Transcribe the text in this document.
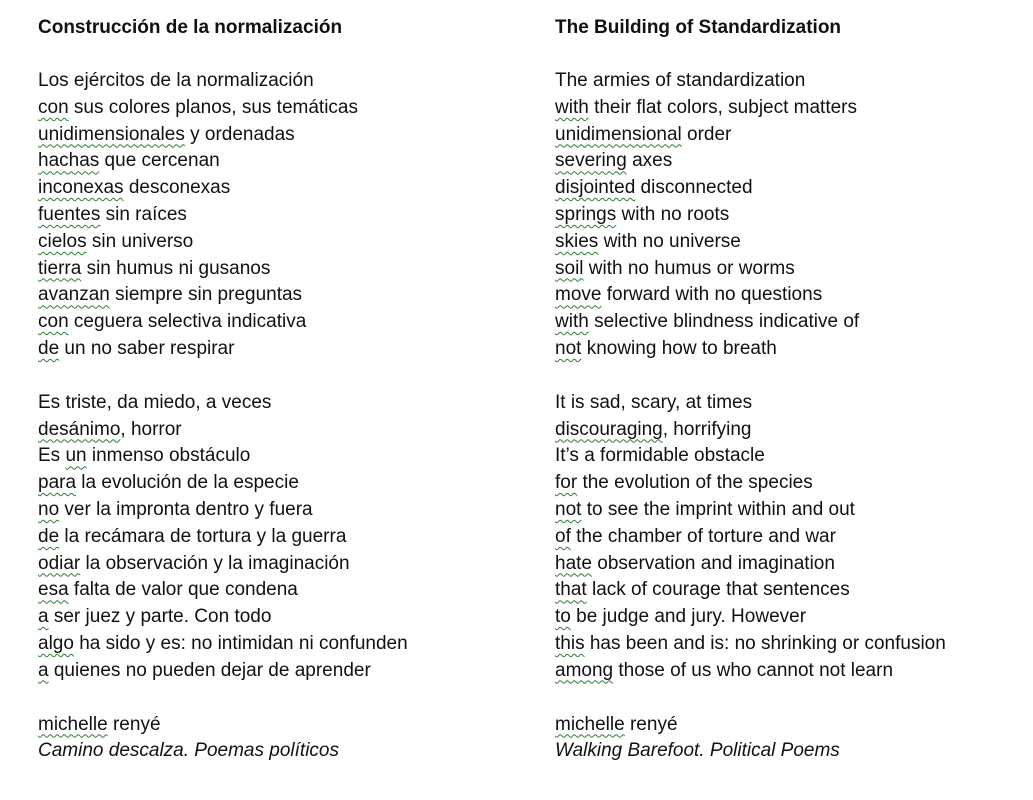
Construcción de la normalización
Los ejércitos de la normalización
con sus colores planos, sus temáticas
unidimensionales y ordenadas
hachas que cercenan
inconexas desconexas
fuentes sin raíces
cielos sin universo
tierra sin humus ni gusanos
avanzan siempre sin preguntas
con ceguera selectiva indicativa
de un no saber respirar
Es triste, da miedo, a veces
desánimo, horror
Es un inmenso obstáculo
para la evolución de la especie
no ver la impronta dentro y fuera
de la recámara de tortura y la guerra
odiar la observación y la imaginación
esa falta de valor que condena
a ser juez y parte. Con todo
algo ha sido y es: no intimidan ni confunden
a quienes no pueden dejar de aprender
michelle renyé
Camino descalza. Poemas políticos
The Building of Standardization
The armies of standardization
with their flat colors, subject matters
unidimensional order
severing axes
disjointed disconnected
springs with no roots
skies with no universe
soil with no humus or worms
move forward with no questions
with selective blindness indicative of
not knowing how to breath
It is sad, scary, at times
discouraging, horrifying
It’s a formidable obstacle
for the evolution of the species
not to see the imprint within and out
of the chamber of torture and war
hate observation and imagination
that lack of courage that sentences
to be judge and jury. However
this has been and is: no shrinking or confusion
among those of us who cannot not learn
michelle renyé
Walking Barefoot. Political Poems
